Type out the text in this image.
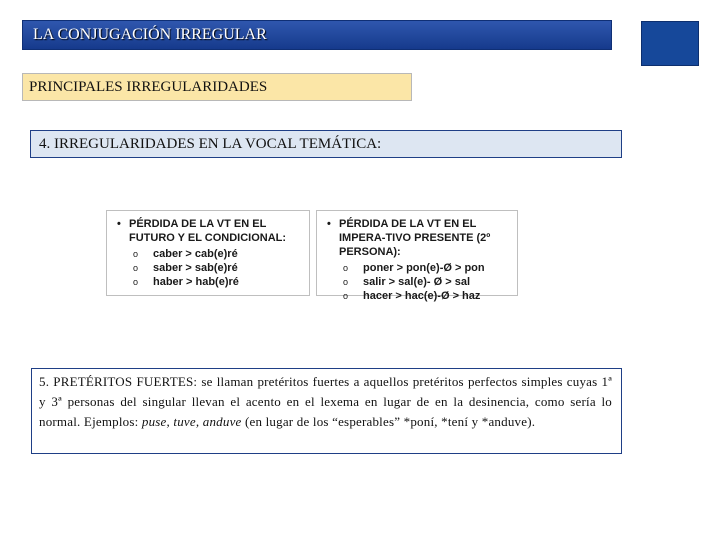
LA CONJUGACIÓN IRREGULAR
PRINCIPALES IRREGULARIDADES
4. IRREGULARIDADES EN LA VOCAL TEMÁTICA:
• PÉRDIDA DE LA VT EN EL FUTURO Y EL CONDICIONAL:
o	caber > cab(e)ré
o	saber > sab(e)ré
o	haber > hab(e)ré
• PÉRDIDA DE LA VT EN EL IMPERA-TIVO PRESENTE (2º PERSONA):
o	poner > pon(e)-Ø > pon
o	salir > sal(e)- Ø > sal
o	hacer > hac(e)-Ø > haz
5. PRETÉRITOS FUERTES: se llaman pretéritos fuertes a aquellos pretéritos perfectos simples cuyas 1ª y 3ª personas del singular llevan el acento en el lexema en lugar de en la desinencia, como sería lo normal. Ejemplos: puse, tuve, anduve (en lugar de los “esperables” *poní, *tení y *anduve).
